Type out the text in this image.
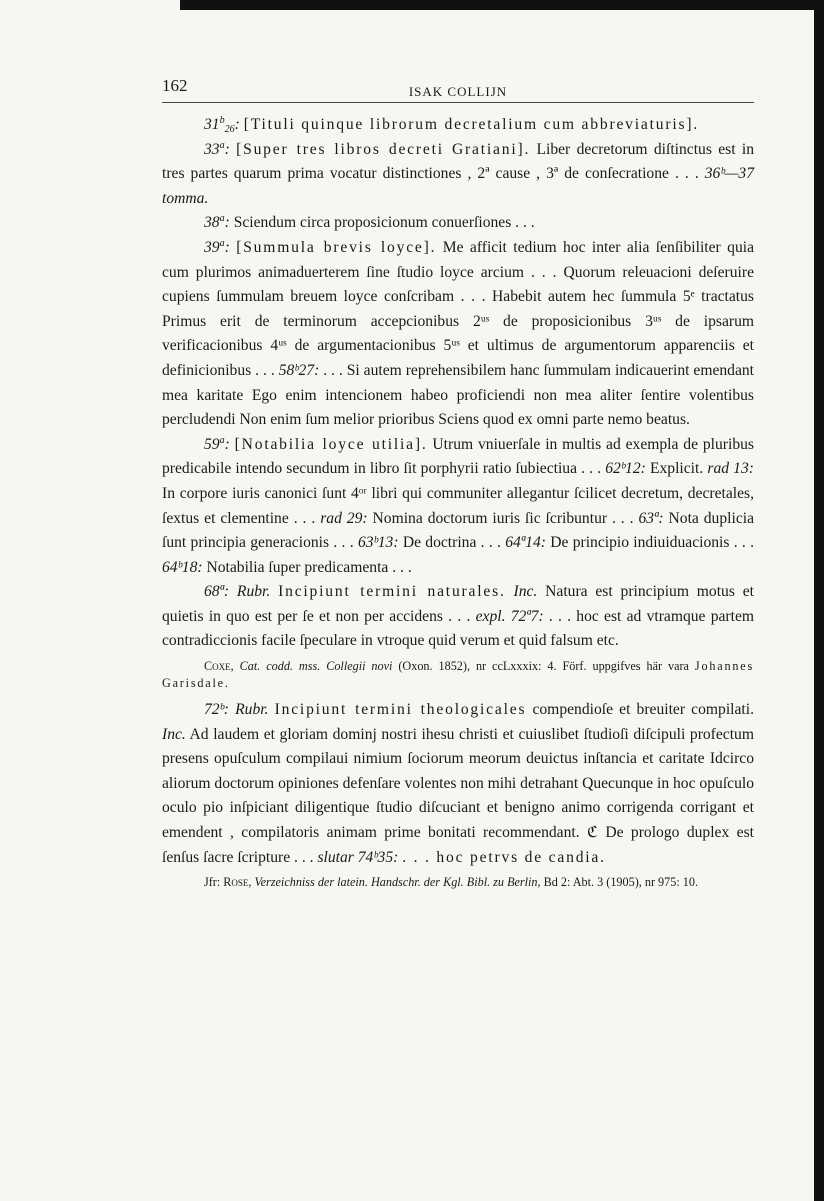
162	ISAK COLLIJN

$31^b_{26}$: [Tituli quinque librorum decretalium cum abbreviaturis].

33$^a$: [Super tres libros decreti Gratiani]. Liber decretorum diſtinctus est in tres partes quarum prima vocatur distinctiones , 2ª cause , 3ª de conſecratione . . . 36ᵇ—37 tomma.

38$^a$: Sciendum circa proposicionum conuerſiones . . .

39$^a$: [Summula brevis loyce]. Me afficit tedium hoc inter alia ſenſibiliter quia cum plurimos animaduerterem ſine ſtudio loyce arcium . . . Quorum releuacioni deſeruire cupiens ſummulam breuem loyce conſcribam . . . Habebit autem hec ſummula 5ᵉ tractatus Primus erit de terminorum accepcionibus 2ᵘˢ de proposicionibus 3ᵘˢ de ipsarum verificacionibus 4ᵘˢ de argumentacionibus 5ᵘˢ et ultimus de argumentorum apparenciis et definicionibus . . . 58ᵇ27: . . . Si autem reprehensibilem hanc ſummulam indicauerint emendant mea karitate Ego enim intencionem habeo proficiendi non mea aliter ſentire volentibus percludendi Non enim ſum melior prioribus Sciens quod ex omni parte nemo beatus.

59$^a$: [Notabilia loyce utilia]. Utrum vniuerſale in multis ad exempla de pluribus predicabile intendo secundum in libro ſit porphyrii ratio ſubiectiua . . . 62ᵇ12: Explicit. rad 13: In corpore iuris canonici ſunt 4ᵒʳ libri qui communiter allegantur ſcilicet decretum, decretales, ſextus et clementine . . . rad 29: Nomina doctorum iuris ſic ſcribuntur . . . 63ª: Nota duplicia ſunt principia generacionis . . . 63ᵇ13: De doctrina . . . 64ª14: De principio indiuiduacionis . . . 64ᵇ18: Notabilia ſuper predicamenta . . .

68ª: Rubr. Incipiunt termini naturales. Inc. Natura est principium motus et quietis in quo est per ſe et non per accidens . . . expl. 72ª7: . . . hoc est ad vtramque partem contradiccionis facile ſpeculare in vtroque quid verum et quid falsum etc.

Coxe, Cat. codd. mss. Collegii novi (Oxon. 1852), nr ccLxxxix: 4. Förf. uppgifves här vara Johannes Garisdale.

72ᵇ: Rubr. Incipiunt termini theologicales compendioſe et breuiter compilati. Inc. Ad laudem et gloriam dominj nostri ihesu christi et cuiuslibet ſtudioſi diſcipuli profectum presens opuſculum compilaui nimium ſociorum meorum deuictus inſtancia et caritate Idcirco aliorum doctorum opiniones defenſare volentes non mihi detrahant Quecunque in hoc opuſculo oculo pio inſpiciant diligentique ſtudio diſcuciant et benigno animo corrigenda corrigant et emendent , compilatoris animam prime bonitati recommendant. ℭ De prologo duplex est ſenſus ſacre ſcripture . . . slutar 74ᵇ35: . . . hoc petrvs de candia.

Jfr: Rose, Verzeichniss der latein. Handschr. der Kgl. Bibl. zu Berlin, Bd 2: Abt. 3 (1905), nr 975: 10.
